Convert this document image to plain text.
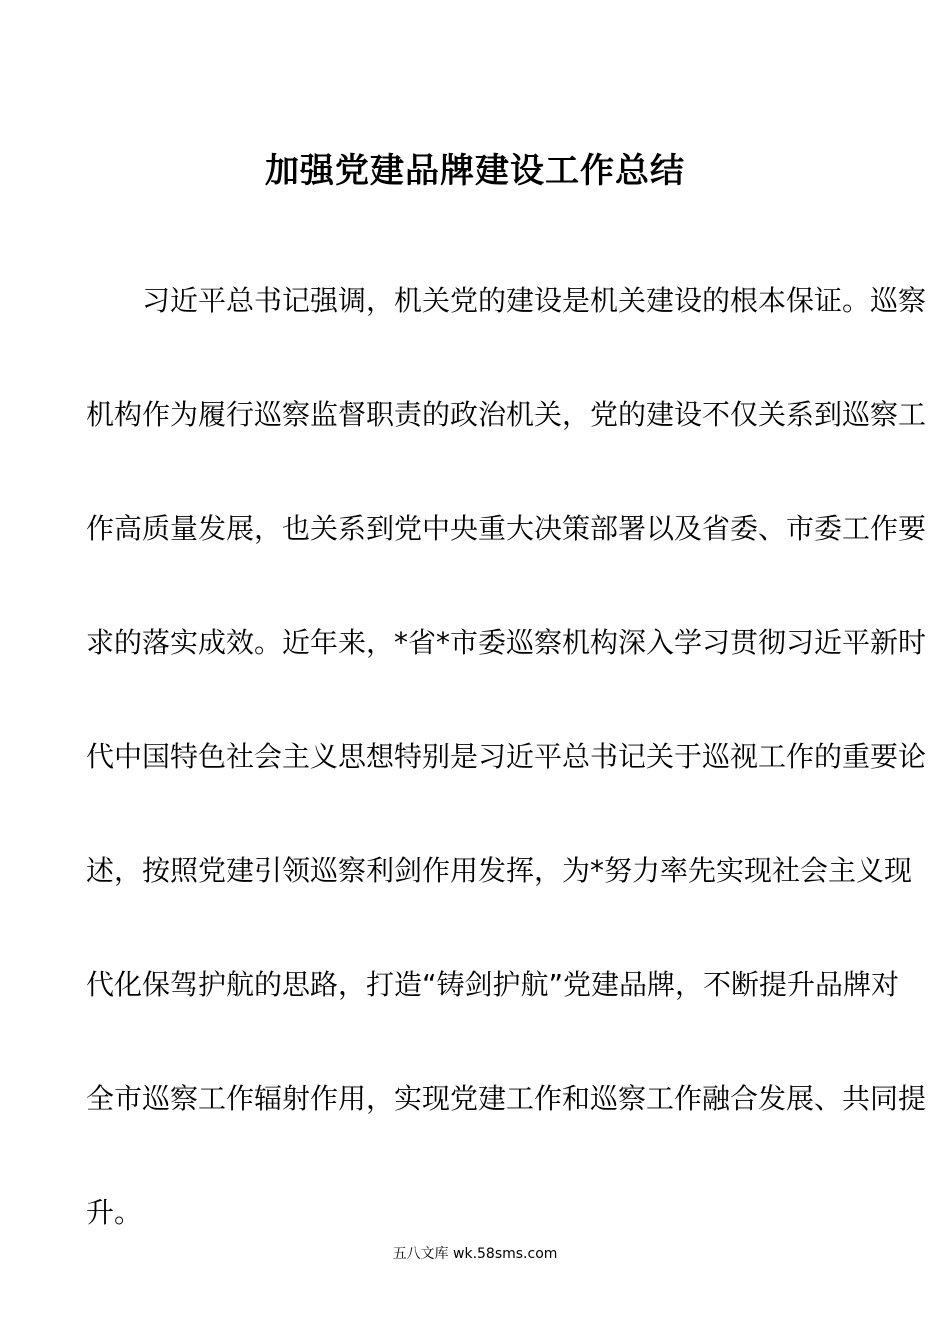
加强党建品牌建设工作总结
习近平总书记强调，机关党的建设是机关建设的根本保证。巡察
机构作为履行巡察监督职责的政治机关，党的建设不仅关系到巡察工
作高质量发展，也关系到党中央重大决策部署以及省委、市委工作要
求的落实成效。近年来，*省*市委巡察机构深入学习贯彻习近平新时
代中国特色社会主义思想特别是习近平总书记关于巡视工作的重要论
述，按照党建引领巡察利剑作用发挥，为*努力率先实现社会主义现
代化保驾护航的思路，打造“铸剑护航”党建品牌，不断提升品牌对
全市巡察工作辐射作用，实现党建工作和巡察工作融合发展、共同提
升。
五八文库 wk.58sms.com
